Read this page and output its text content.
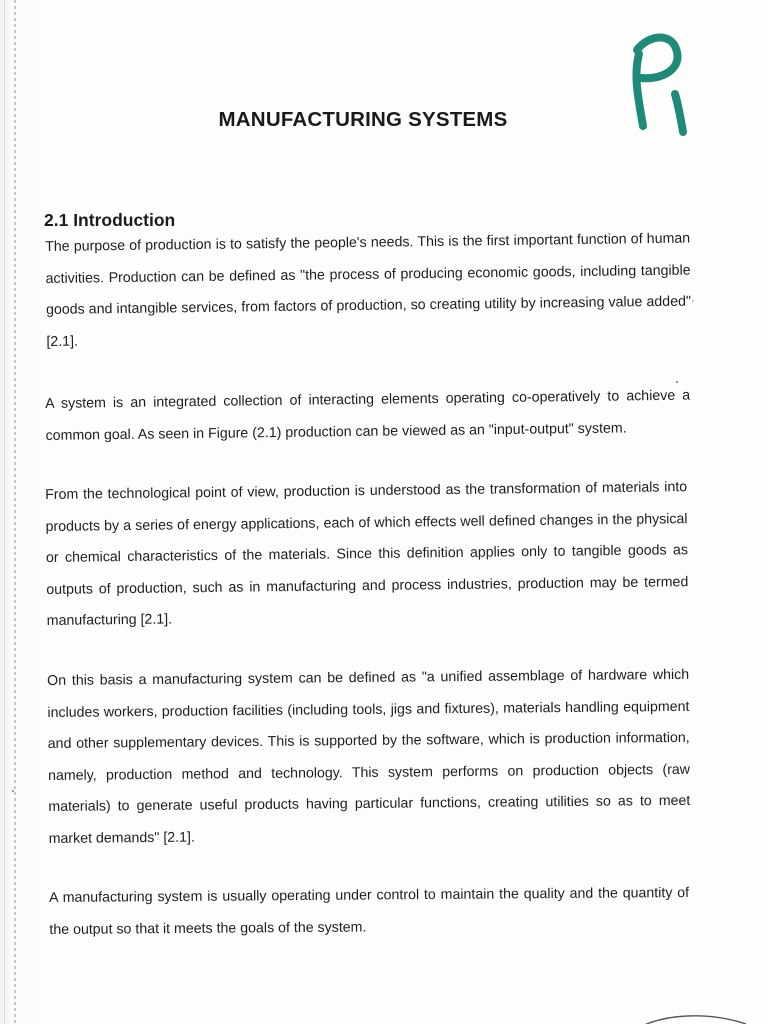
MANUFACTURING SYSTEMS
2.1 Introduction

The purpose of production is to satisfy the people's needs. This is the first important function of human activities. Production can be defined as "the process of producing economic goods, including tangible goods and intangible services, from factors of production, so creating utility by increasing value added" [2.1].

A system is an integrated collection of interacting elements operating co-operatively to achieve a common goal. As seen in Figure (2.1) production can be viewed as an "input-output" system.

From the technological point of view, production is understood as the transformation of materials into products by a series of energy applications, each of which effects well defined changes in the physical or chemical characteristics of the materials. Since this definition applies only to tangible goods as outputs of production, such as in manufacturing and process industries, production may be termed manufacturing [2.1].

On this basis a manufacturing system can be defined as "a unified assemblage of hardware which includes workers, production facilities (including tools, jigs and fixtures), materials handling equipment and other supplementary devices. This is supported by the software, which is production information, namely, production method and technology. This system performs on production objects (raw materials) to generate useful products having particular functions, creating utilities so as to meet market demands" [2.1].

A manufacturing system is usually operating under control to maintain the quality and the quantity of the output so that it meets the goals of the system.
